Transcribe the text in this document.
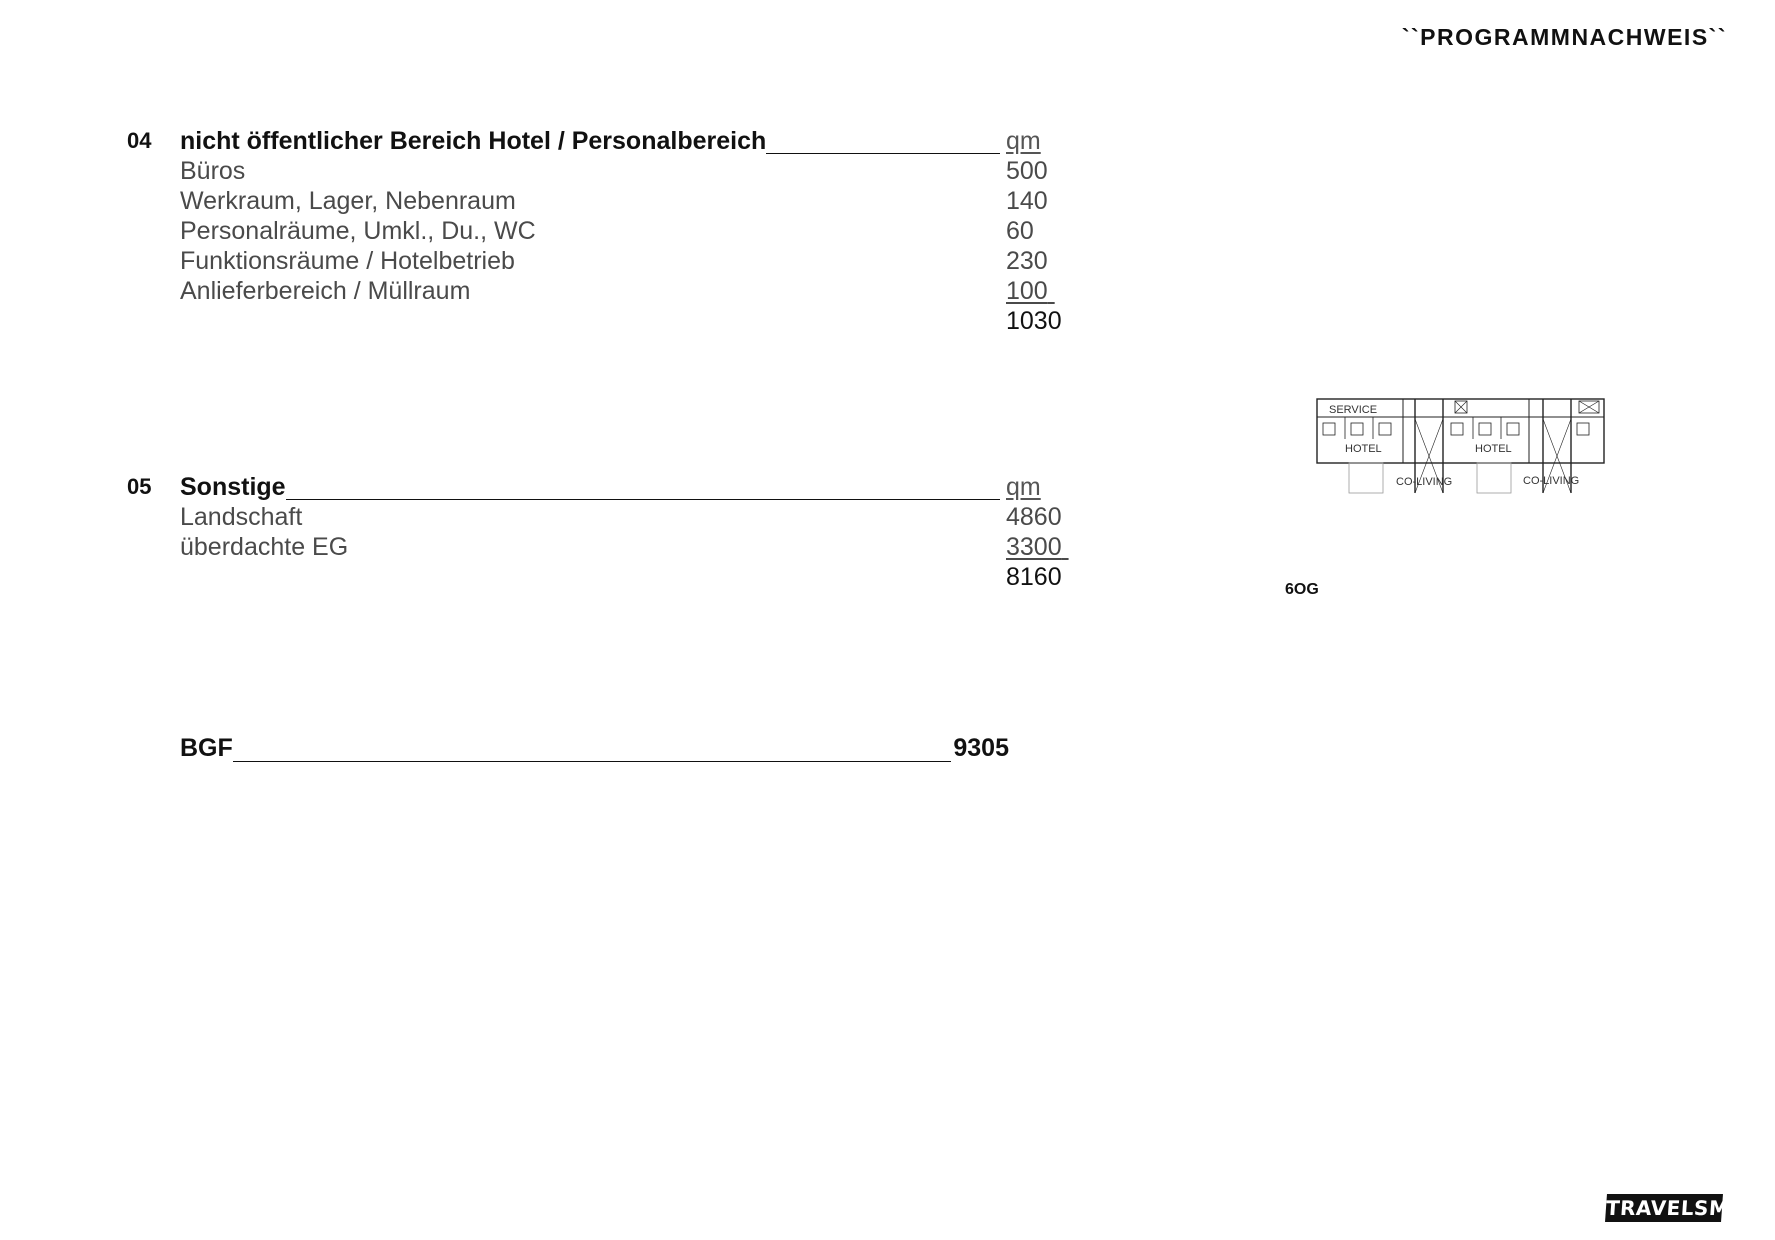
``PROGRAMMNACHWEIS``
04 nicht öffentlicher Bereich Hotel / Personalbereich	qm
Büros	500
Werkraum, Lager, Nebenraum	140
Personalräume, Umkl., Du., WC	60
Funktionsräume / Hotelbetrieb	230
Anlieferbereich / Müllraum	100
1030
05 Sonstige	qm
Landschaft	4860
überdachte EG	3300
8160
BGF	9305
SERVICE
HOTEL	HOTEL
CO-LIVING	CO-LIVING
6OG
TRAVELSMART
